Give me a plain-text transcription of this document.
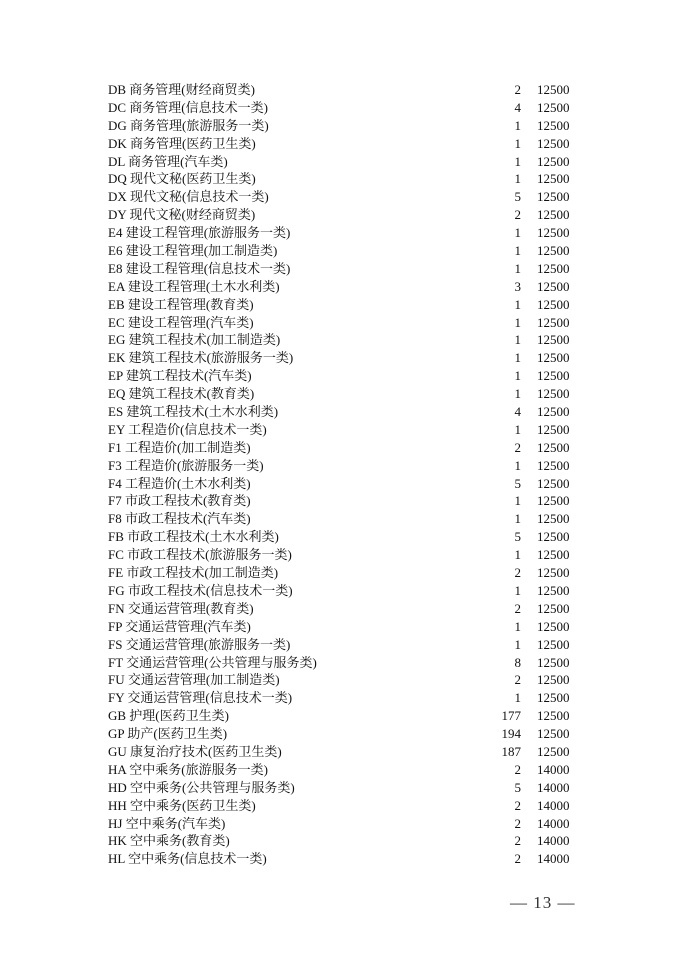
DB 商务管理(财经商贸类)	2 12500
DC 商务管理(信息技术一类)	4 12500
DG 商务管理(旅游服务一类)	1 12500
DK 商务管理(医药卫生类)	1 12500
DL 商务管理(汽车类)	1 12500
DQ 现代文秘(医药卫生类)	1 12500
DX 现代文秘(信息技术一类)	5 12500
DY 现代文秘(财经商贸类)	2 12500
E4 建设工程管理(旅游服务一类)	1 12500
E6 建设工程管理(加工制造类)	1 12500
E8 建设工程管理(信息技术一类)	1 12500
EA 建设工程管理(土木水利类)	3 12500
EB 建设工程管理(教育类)	1 12500
EC 建设工程管理(汽车类)	1 12500
EG 建筑工程技术(加工制造类)	1 12500
EK 建筑工程技术(旅游服务一类)	1 12500
EP 建筑工程技术(汽车类)	1 12500
EQ 建筑工程技术(教育类)	1 12500
ES 建筑工程技术(土木水利类)	4 12500
EY 工程造价(信息技术一类)	1 12500
F1 工程造价(加工制造类)	2 12500
F3 工程造价(旅游服务一类)	1 12500
F4 工程造价(土木水利类)	5 12500
F7 市政工程技术(教育类)	1 12500
F8 市政工程技术(汽车类)	1 12500
FB 市政工程技术(土木水利类)	5 12500
FC 市政工程技术(旅游服务一类)	1 12500
FE 市政工程技术(加工制造类)	2 12500
FG 市政工程技术(信息技术一类)	1 12500
FN 交通运营管理(教育类)	2 12500
FP 交通运营管理(汽车类)	1 12500
FS 交通运营管理(旅游服务一类)	1 12500
FT 交通运营管理(公共管理与服务类)	8 12500
FU 交通运营管理(加工制造类)	2 12500
FY 交通运营管理(信息技术一类)	1 12500
GB 护理(医药卫生类)	177 12500
GP 助产(医药卫生类)	194 12500
GU 康复治疗技术(医药卫生类)	187 12500
HA 空中乘务(旅游服务一类)	2 14000
HD 空中乘务(公共管理与服务类)	5 14000
HH 空中乘务(医药卫生类)	2 14000
HJ 空中乘务(汽车类)	2 14000
HK 空中乘务(教育类)	2 14000
HL 空中乘务(信息技术一类)	2 14000
— 13 —
